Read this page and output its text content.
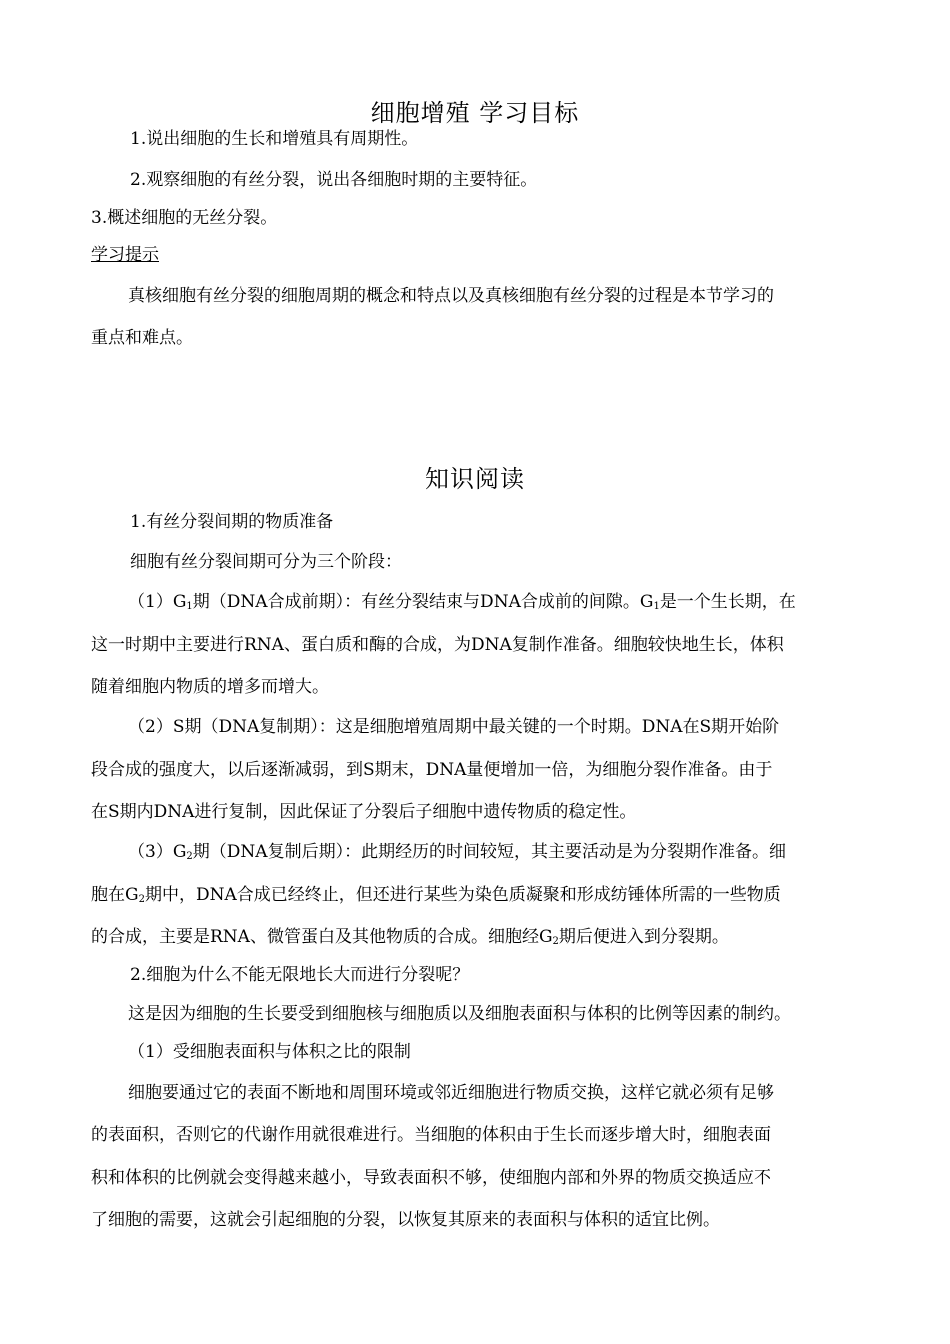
细胞增殖 学习目标
1.说出细胞的生长和增殖具有周期性。
2.观察细胞的有丝分裂，说出各细胞时期的主要特征。
3.概述细胞的无丝分裂。
学习提示
真核细胞有丝分裂的细胞周期的概念和特点以及真核细胞有丝分裂的过程是本节学习的
重点和难点。
知识阅读
1.有丝分裂间期的物质准备
细胞有丝分裂间期可分为三个阶段：
$(1)G_1$期（DNA合成前期）：有丝分裂结束与DNA合成前的间隙。$G_1$是一个生长期，在
这一时期中主要进行RNA、蛋白质和酶的合成，为DNA复制作准备。细胞较快地生长，体积
随着细胞内物质的增多而增大。
（2）S期（DNA复制期）：这是细胞增殖周期中最关键的一个时期。DNA在S期开始阶
段合成的强度大，以后逐渐减弱，到S期末，DNA量便增加一倍，为细胞分裂作准备。由于
在S期内DNA进行复制，因此保证了分裂后子细胞中遗传物质的稳定性。
$(3)G_2$期（DNA复制后期）：此期经历的时间较短，其主要活动是为分裂期作准备。细
胞在$G_2$期中，DNA合成已经终止，但还进行某些为染色质凝聚和形成纺锤体所需的一些物质
的合成，主要是RNA、微管蛋白及其他物质的合成。细胞经$G_2$期后便进入到分裂期。
2.细胞为什么不能无限地长大而进行分裂呢？
这是因为细胞的生长要受到细胞核与细胞质以及细胞表面积与体积的比例等因素的制约。
（1）受细胞表面积与体积之比的限制
细胞要通过它的表面不断地和周围环境或邻近细胞进行物质交换，这样它就必须有足够
的表面积，否则它的代谢作用就很难进行。当细胞的体积由于生长而逐步增大时，细胞表面
积和体积的比例就会变得越来越小，导致表面积不够，使细胞内部和外界的物质交换适应不
了细胞的需要，这就会引起细胞的分裂，以恢复其原来的表面积与体积的适宜比例。
